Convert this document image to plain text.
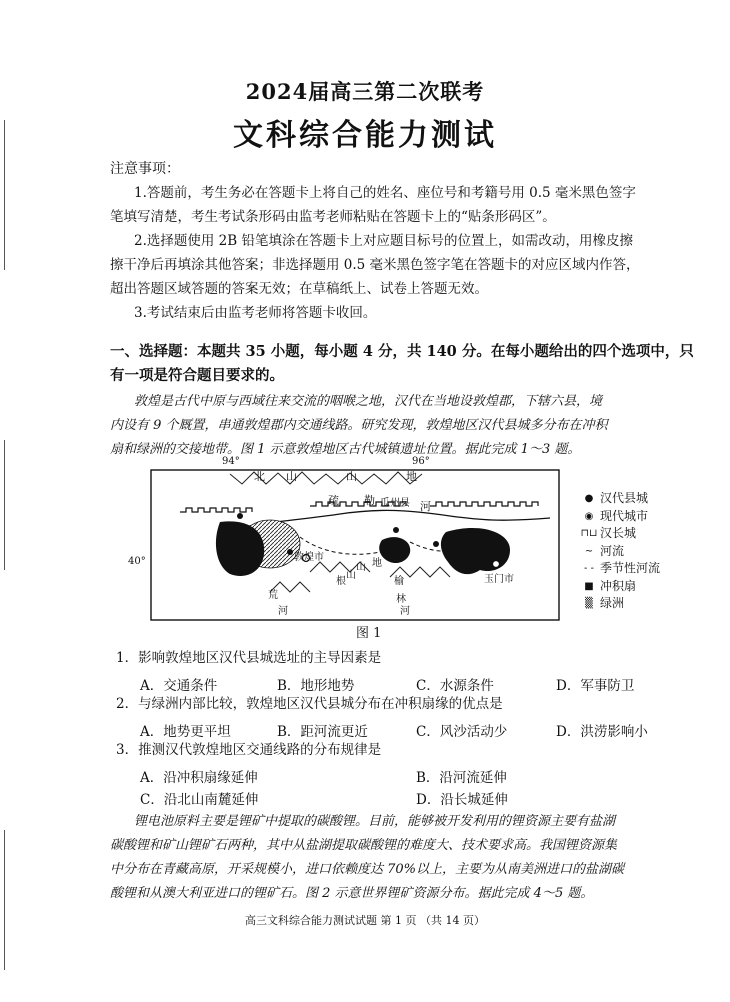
2024届高三第二次联考
文科综合能力测试
注意事项：
1.答题前，考生务必在答题卡上将自己的姓名、座位号和考籍号用 0.5 毫米黑色签字
笔填写清楚，考生考试条形码由监考老师粘贴在答题卡上的“贴条形码区”。
2.选择题使用 2B 铅笔填涂在答题卡上对应题目标号的位置上，如需改动，用橡皮擦
擦干净后再填涂其他答案；非选择题用 0.5 毫米黑色签字笔在答题卡的对应区域内作答，
超出答题区域答题的答案无效；在草稿纸上、试卷上答题无效。
3.考试结束后由监考老师将答题卡收回。
一、选择题：本题共 35 小题，每小题 4 分，共 140 分。在每小题给出的四个选项中，只
有一项是符合题目要求的。
敦煌是古代中原与西域往来交流的咽喉之地，汉代在当地设敦煌郡，下辖六县，境
内设有 9 个厩置，串通敦煌郡内交通线路。研究发现，敦煌地区汉代县城多分布在冲积
扇和绿洲的交接地带。图 1 示意敦煌地区古代城镇遗址位置。据此完成 1～3 题。
94°	96°
40°
北 山	山	地
疏 勒 瓜州县 河
敦煌市
山
山
地
玉门市
根	榆
林
荒
河	河
● 汉代县城
◉ 现代城市
⊓⊔ 汉长城
∼ 河流
- - 季节性河流
■ 冲积扇
▒ 绿洲
图 1
1．影响敦煌地区汉代县城选址的主导因素是
A．交通条件	B．地形地势	C．水源条件	D．军事防卫
2．与绿洲内部比较，敦煌地区汉代县城分布在冲积扇缘的优点是
A．地势更平坦	B．距河流更近	C．风沙活动少	D．洪涝影响小
3．推测汉代敦煌地区交通线路的分布规律是
A．沿冲积扇缘延伸	B．沿河流延伸
C．沿北山南麓延伸	D．沿长城延伸
锂电池原料主要是锂矿中提取的碳酸锂。目前，能够被开发利用的锂资源主要有盐湖
碳酸锂和矿山锂矿石两种，其中从盐湖提取碳酸锂的难度大、技术要求高。我国锂资源集
中分布在青藏高原，开采规模小，进口依赖度达 70%以上，主要为从南美洲进口的盐湖碳
酸锂和从澳大利亚进口的锂矿石。图 2 示意世界锂矿资源分布。据此完成 4～5 题。
高三文科综合能力测试试题 第 1 页 （共 14 页）
